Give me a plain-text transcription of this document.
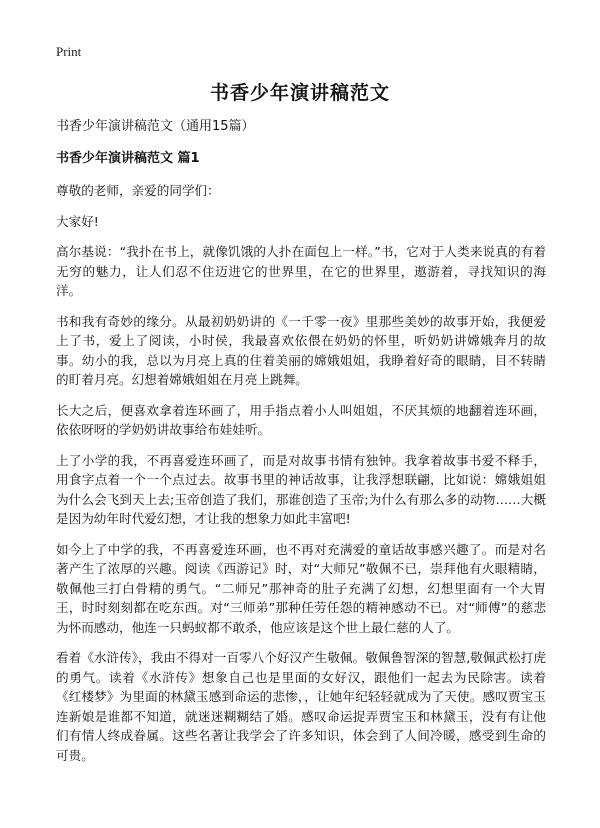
Print
书香少年演讲稿范文

书香少年演讲稿范文（通用15篇）

书香少年演讲稿范文 篇1

尊敬的老师，亲爱的同学们：

大家好!

高尔基说：“我扑在书上，就像饥饿的人扑在面包上一样。”书，它对于人类来说真的有着无穷的魅力，让人们忍不住迈进它的世界里，在它的世界里，遨游着，寻找知识的海洋。

书和我有奇妙的缘分。从最初奶奶讲的《一千零一夜》里那些美妙的故事开始，我便爱上了书，爱上了阅读，小时侯，我最喜欢依偎在奶奶的怀里，听奶奶讲嫦娥奔月的故事。幼小的我，总以为月亮上真的住着美丽的嫦娥姐姐，我睁着好奇的眼睛，目不转睛的盯着月亮。幻想着嫦娥姐姐在月亮上跳舞。

长大之后，便喜欢拿着连环画了，用手指点着小人叫姐姐，不厌其烦的地翻着连环画，依依呀呀的学奶奶讲故事给布娃娃听。

上了小学的我，不再喜爱连环画了，而是对故事书情有独钟。我拿着故事书爱不释手，用食字点着一个一个点过去。故事书里的神话故事，让我浮想联翩，比如说：嫦娥姐姐为什么会飞到天上去;玉帝创造了我们，那谁创造了玉帝;为什么有那么多的动物……大概是因为幼年时代爱幻想，才让我的想象力如此丰富吧!

如今上了中学的我，不再喜爱连环画，也不再对充满爱的童话故事感兴趣了。而是对名著产生了浓厚的兴趣。阅读《西游记》时，对“大师兄”敬佩不已，崇拜他有火眼精睛，敬佩他三打白骨精的勇气。“二师兄”那神奇的肚子充满了幻想，幻想里面有一个大胃王，时时刻刻都在吃东西。对“三师弟”那种任劳任怨的精神感动不已。对“师傅”的慈悲为怀而感动，他连一只蚂蚁都不敢杀，他应该是这个世上最仁慈的人了。

看着《水浒传》，我由不得对一百零八个好汉产生敬佩。敬佩鲁智深的智慧,敬佩武松打虎的勇气。读着《水浒传》想象自己也是里面的女好汉，跟他们一起去为民除害。读着《红楼梦》为里面的林黛玉感到命运的悲惨，，让她年纪轻轻就成为了天使。感叹贾宝玉连新娘是谁都不知道，就迷迷糊糊结了婚。感叹命运捉弄贾宝玉和林黛玉，没有有让他们有情人终成眷属。这些名著让我学会了许多知识，体会到了人间冷暖，感受到生命的可贵。
